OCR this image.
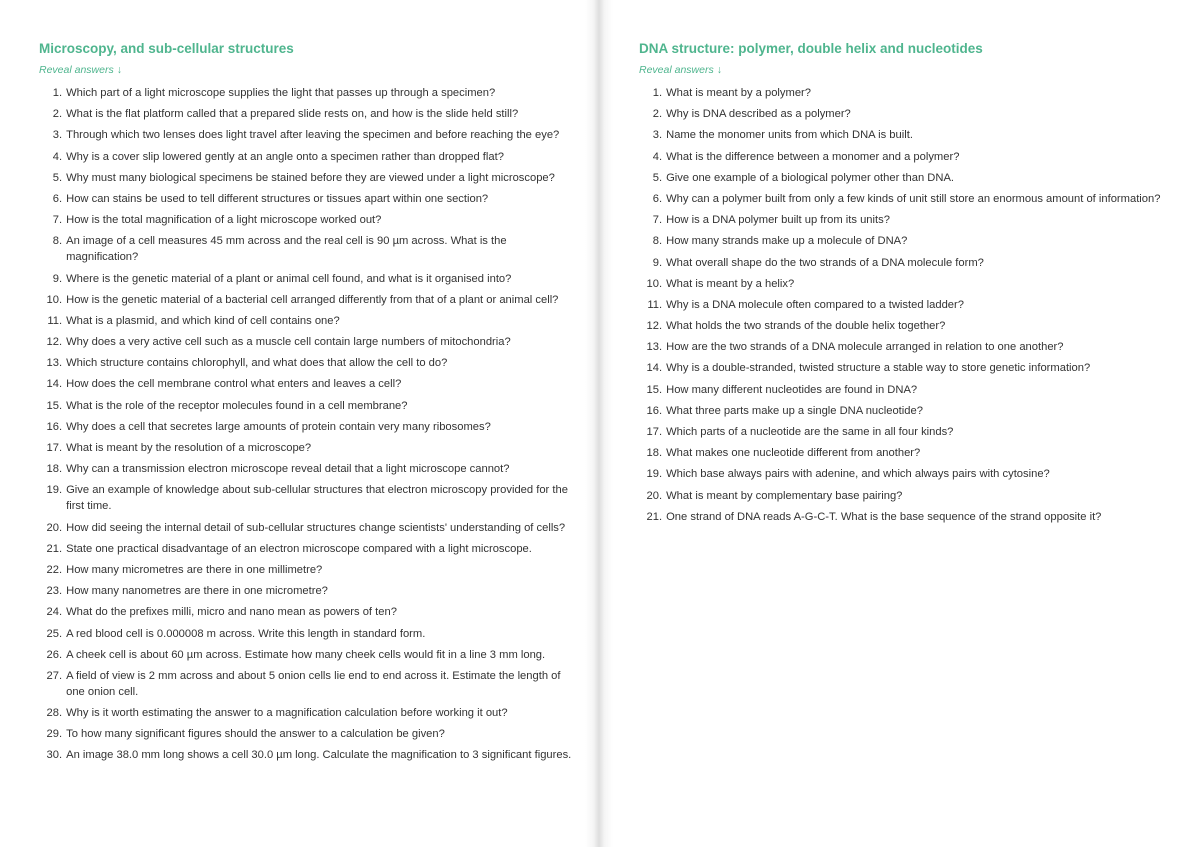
Microscopy, and sub-cellular structures
Reveal answers ↓
1 . Which part of a light microscope supplies the light that passes up through a specimen?
2 . What is the flat platform called that a prepared slide rests on, and how is the slide held still?
3 . Through which two lenses does light travel after leaving the specimen and before reaching the eye?
4 . Why is a cover slip lowered gently at an angle onto a specimen rather than dropped flat?
5 . Why must many biological specimens be stained before they are viewed under a light microscope?
6 . How can stains be used to tell different structures or tissues apart within one section?
7 . How is the total magnification of a light microscope worked out?
8 . An image of a cell measures 45 mm across and the real cell is 90 µm across. What is the magnification?
9 . Where is the genetic material of a plant or animal cell found, and what is it organised into?
10 . How is the genetic material of a bacterial cell arranged differently from that of a plant or animal cell?
11 . What is a plasmid, and which kind of cell contains one?
12 . Why does a very active cell such as a muscle cell contain large numbers of mitochondria?
13 . Which structure contains chlorophyll, and what does that allow the cell to do?
14 . How does the cell membrane control what enters and leaves a cell?
15 . What is the role of the receptor molecules found in a cell membrane?
16 . Why does a cell that secretes large amounts of protein contain very many ribosomes?
17 . What is meant by the resolution of a microscope?
18 . Why can a transmission electron microscope reveal detail that a light microscope cannot?
19 . Give an example of knowledge about sub-cellular structures that electron microscopy provided for the first time.
20 . How did seeing the internal detail of sub-cellular structures change scientists' understanding of cells?
21 . State one practical disadvantage of an electron microscope compared with a light microscope.
22 . How many micrometres are there in one millimetre?
23 . How many nanometres are there in one micrometre?
24 . What do the prefixes milli, micro and nano mean as powers of ten?
25 . A red blood cell is 0.000008 m across. Write this length in standard form.
26 . A cheek cell is about 60 µm across. Estimate how many cheek cells would fit in a line 3 mm long.
27 . A field of view is 2 mm across and about 5 onion cells lie end to end across it. Estimate the length of one onion cell.
28 . Why is it worth estimating the answer to a magnification calculation before working it out?
29 . To how many significant figures should the answer to a calculation be given?
30 . An image 38.0 mm long shows a cell 30.0 µm long. Calculate the magnification to 3 significant figures.
DNA structure: polymer, double helix and nucleotides
Reveal answers ↓
1 . What is meant by a polymer?
2 . Why is DNA described as a polymer?
3 . Name the monomer units from which DNA is built.
4 . What is the difference between a monomer and a polymer?
5 . Give one example of a biological polymer other than DNA.
6 . Why can a polymer built from only a few kinds of unit still store an enormous amount of information?
7 . How is a DNA polymer built up from its units?
8 . How many strands make up a molecule of DNA?
9 . What overall shape do the two strands of a DNA molecule form?
10 . What is meant by a helix?
11 . Why is a DNA molecule often compared to a twisted ladder?
12 . What holds the two strands of the double helix together?
13 . How are the two strands of a DNA molecule arranged in relation to one another?
14 . Why is a double-stranded, twisted structure a stable way to store genetic information?
15 . How many different nucleotides are found in DNA?
16 . What three parts make up a single DNA nucleotide?
17 . Which parts of a nucleotide are the same in all four kinds?
18 . What makes one nucleotide different from another?
19 . Which base always pairs with adenine, and which always pairs with cytosine?
20 . What is meant by complementary base pairing?
21 . One strand of DNA reads A-G-C-T. What is the base sequence of the strand opposite it?
